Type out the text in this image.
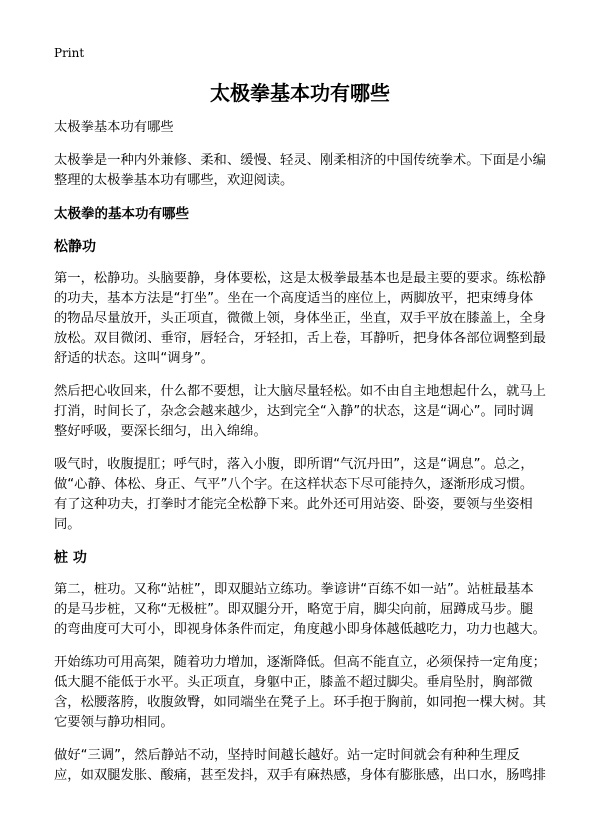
Print
太极拳基本功有哪些

太极拳基本功有哪些

太极拳是一种内外兼修、柔和、缓慢、轻灵、刚柔相济的中国传统拳术。下面是小编整理的太极拳基本功有哪些，欢迎阅读。

太极拳的基本功有哪些
松静功

第一，松静功。头脑要静，身体要松，这是太极拳最基本也是最主要的要求。练松静的功夫，基本方法是“打坐”。坐在一个高度适当的座位上，两脚放平，把束缚身体的物品尽量放开，头正项直，微微上领，身体坐正，坐直，双手平放在膝盖上，全身放松。双目微闭、垂帘，唇轻合，牙轻扣，舌上卷，耳静听，把身体各部位调整到最舒适的状态。这叫“调身”。

然后把心收回来，什么都不要想，让大脑尽量轻松。如不由自主地想起什么，就马上打消，时间长了，杂念会越来越少，达到完全“入静”的状态，这是“调心”。同时调整好呼吸，要深长细匀，出入绵绵。

吸气时，收腹提肛；呼气时，落入小腹，即所谓“气沉丹田”，这是“调息”。总之，做“心静、体松、身正、气平”八个字。在这样状态下尽可能持久，逐渐形成习惯。有了这种功夫，打拳时才能完全松静下来。此外还可用站姿、卧姿，要领与坐姿相同。

桩 功

第二，桩功。又称“站桩”，即双腿站立练功。拳谚讲“百练不如一站”。站桩最基本的是马步桩，又称“无极桩”。即双腿分开，略宽于肩，脚尖向前，屈蹲成马步。腿的弯曲度可大可小，即视身体条件而定，角度越小即身体越低越吃力，功力也越大。

开始练功可用高架，随着功力增加，逐渐降低。但高不能直立，必须保持一定角度；低大腿不能低于水平。头正项直，身躯中正，膝盖不超过脚尖。垂肩坠肘，胸部微含，松腰落胯，收腹敛臀，如同端坐在凳子上。环手抱于胸前，如同抱一棵大树。其它要领与静功相同。

做好“三调”，然后静站不动，坚持时间越长越好。站一定时间就会有种种生理反应，如双腿发胀、酸痛，甚至发抖，双手有麻热感，身体有膨胀感，出口水，肠鸣排
